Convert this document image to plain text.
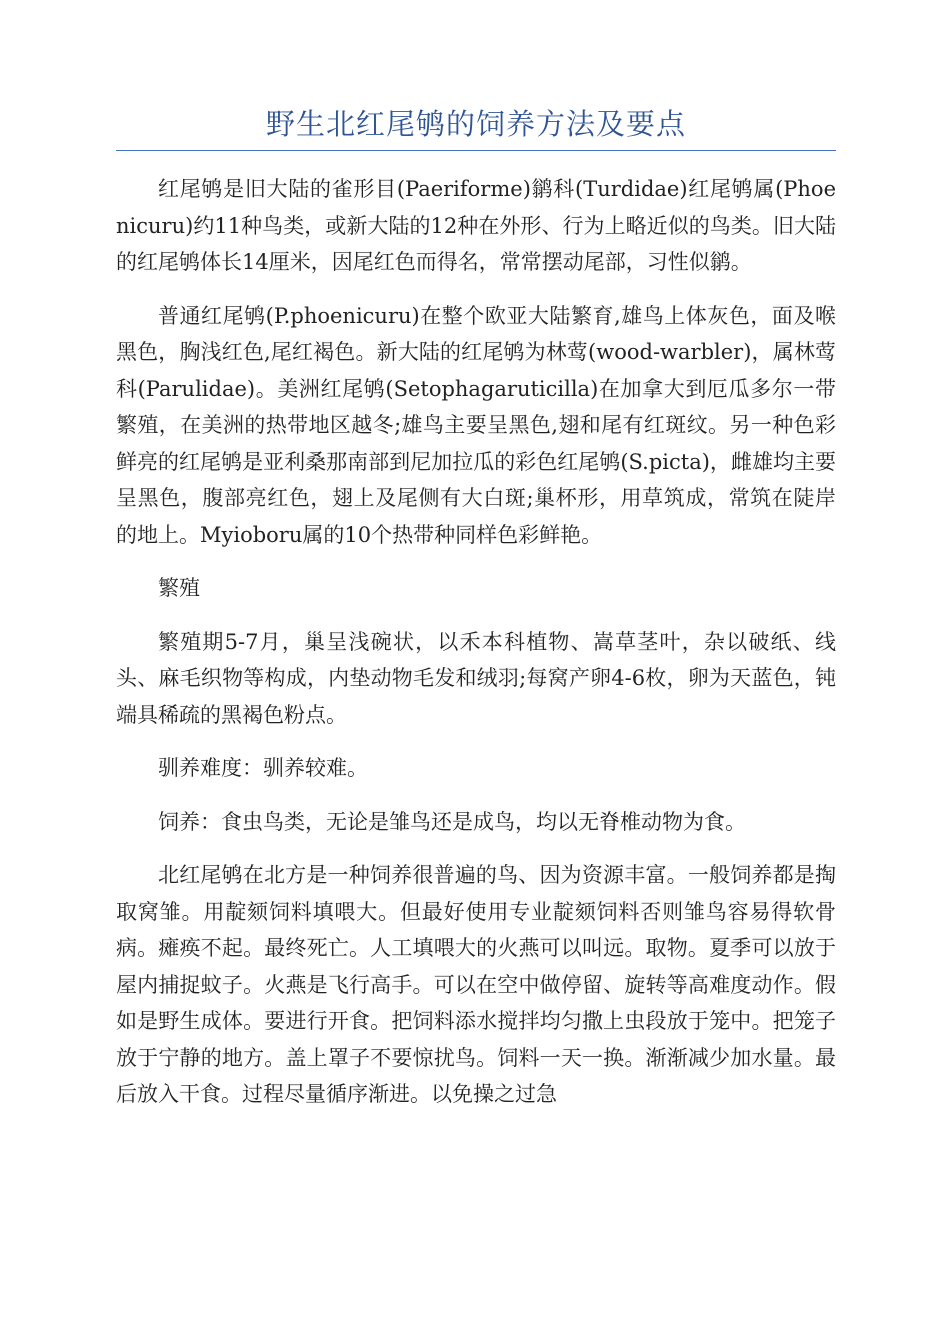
野生北红尾鸲的饲养方法及要点

红尾鸲是旧大陆的雀形目(Paeriforme)鹟科(Turdidae)红尾鸲属(Phoenicuru)约11种鸟类，或新大陆的12种在外形、行为上略近似的鸟类。旧大陆的红尾鸲体长14厘米，因尾红色而得名，常常摆动尾部，习性似鹟。

普通红尾鸲(P.phoenicuru)在整个欧亚大陆繁育,雄鸟上体灰色，面及喉黑色，胸浅红色,尾红褐色。新大陆的红尾鸲为林莺(wood-warbler)，属林莺科(Parulidae)。美洲红尾鸲(Setophagaruticilla)在加拿大到厄瓜多尔一带繁殖，在美洲的热带地区越冬;雄鸟主要呈黑色,翅和尾有红斑纹。另一种色彩鲜亮的红尾鸲是亚利桑那南部到尼加拉瓜的彩色红尾鸲(S.picta)，雌雄均主要呈黑色，腹部亮红色，翅上及尾侧有大白斑;巢杯形，用草筑成，常筑在陡岸的地上。Myioboru属的10个热带种同样色彩鲜艳。

繁殖

繁殖期5-7月，巢呈浅碗状，以禾本科植物、嵩草茎叶，杂以破纸、线头、麻毛织物等构成，内垫动物毛发和绒羽;每窝产卵4-6枚，卵为天蓝色，钝端具稀疏的黑褐色粉点。

驯养难度：驯养较难。

饲养：食虫鸟类，无论是雏鸟还是成鸟，均以无脊椎动物为食。

北红尾鸲在北方是一种饲养很普遍的鸟、因为资源丰富。一般饲养都是掏取窝雏。用靛颏饲料填喂大。但最好使用专业靛颏饲料否则雏鸟容易得软骨病。瘫痪不起。最终死亡。人工填喂大的火燕可以叫远。取物。夏季可以放于屋内捕捉蚊子。火燕是飞行高手。可以在空中做停留、旋转等高难度动作。假如是野生成体。要进行开食。把饲料添水搅拌均匀撒上虫段放于笼中。把笼子放于宁静的地方。盖上罩子不要惊扰鸟。饲料一天一换。渐渐减少加水量。最后放入干食。过程尽量循序渐进。以免操之过急
